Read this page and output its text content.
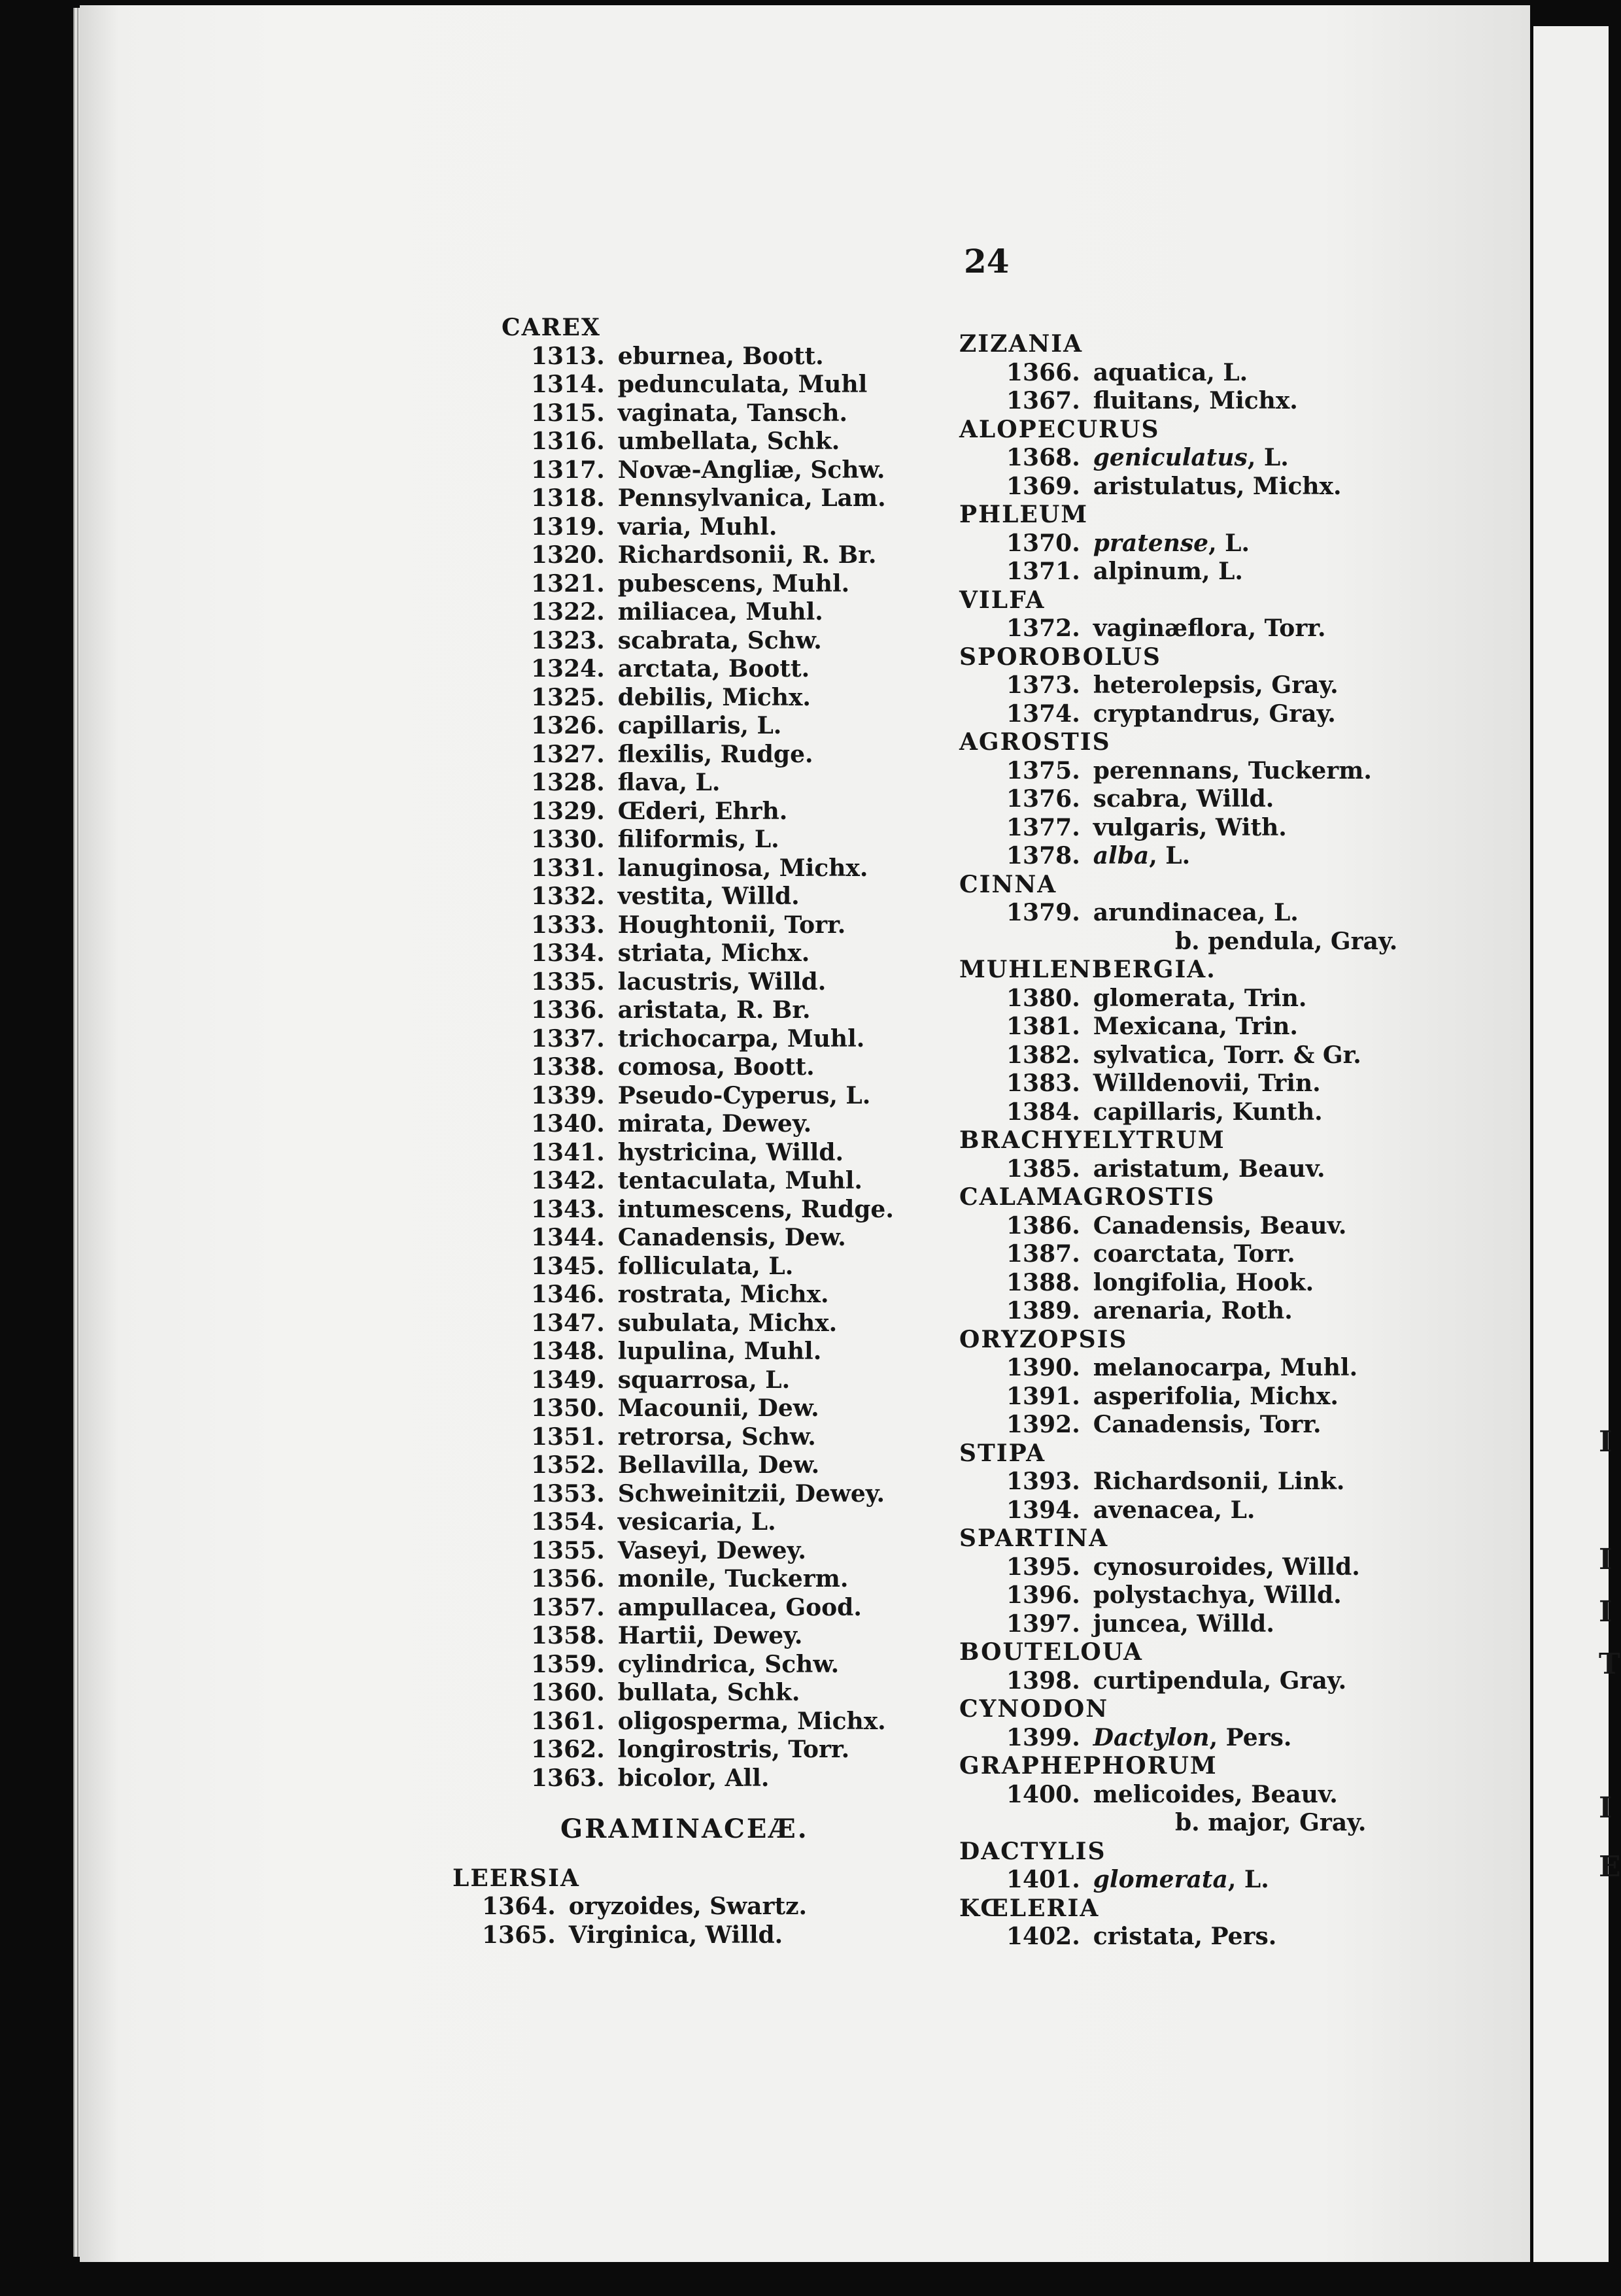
24
CAREX
1313. eburnea, Boott.
1314. pedunculata, Muhl
1315. vaginata, Tansch.
1316. umbellata, Schk.
1317. Novæ-Angliæ, Schw.
1318. Pennsylvanica, Lam.
1319. varia, Muhl.
1320. Richardsonii, R. Br.
1321. pubescens, Muhl.
1322. miliacea, Muhl.
1323. scabrata, Schw.
1324. arctata, Boott.
1325. debilis, Michx.
1326. capillaris, L.
1327. flexilis, Rudge.
1328. flava, L.
1329. Œderi, Ehrh.
1330. filiformis, L.
1331. lanuginosa, Michx.
1332. vestita, Willd.
1333. Houghtonii, Torr.
1334. striata, Michx.
1335. lacustris, Willd.
1336. aristata, R. Br.
1337. trichocarpa, Muhl.
1338. comosa, Boott.
1339. Pseudo-Cyperus, L.
1340. mirata, Dewey.
1341. hystricina, Willd.
1342. tentaculata, Muhl.
1343. intumescens, Rudge.
1344. Canadensis, Dew.
1345. folliculata, L.
1346. rostrata, Michx.
1347. subulata, Michx.
1348. lupulina, Muhl.
1349. squarrosa, L.
1350. Macounii, Dew.
1351. retrorsa, Schw.
1352. Bellavilla, Dew.
1353. Schweinitzii, Dewey.
1354. vesicaria, L.
1355. Vaseyi, Dewey.
1356. monile, Tuckerm.
1357. ampullacea, Good.
1358. Hartii, Dewey.
1359. cylindrica, Schw.
1360. bullata, Schk.
1361. oligosperma, Michx.
1362. longirostris, Torr.
1363. bicolor, All.
GRAMINACEÆ.
LEERSIA
1364. oryzoides, Swartz.
1365. Virginica, Willd.
ZIZANIA
1366. aquatica, L.
1367. fluitans, Michx.
ALOPECURUS
1368. geniculatus, L.
1369. aristulatus, Michx.
PHLEUM
1370. pratense, L.
1371. alpinum, L.
VILFA
1372. vaginæflora, Torr.
SPOROBOLUS
1373. heterolepsis, Gray.
1374. cryptandrus, Gray.
AGROSTIS
1375. perennans, Tuckerm.
1376. scabra, Willd.
1377. vulgaris, With.
1378. alba, L.
CINNA
1379. arundinacea, L.
b. pendula, Gray.
MUHLENBERGIA.
1380. glomerata, Trin.
1381. Mexicana, Trin.
1382. sylvatica, Torr. & Gr.
1383. Willdenovii, Trin.
1384. capillaris, Kunth.
BRACHYELYTRUM
1385. aristatum, Beauv.
CALAMAGROSTIS
1386. Canadensis, Beauv.
1387. coarctata, Torr.
1388. longifolia, Hook.
1389. arenaria, Roth.
ORYZOPSIS
1390. melanocarpa, Muhl.
1391. asperifolia, Michx.
1392. Canadensis, Torr.
STIPA
1393. Richardsonii, Link.
1394. avenacea, L.
SPARTINA
1395. cynosuroides, Willd.
1396. polystachya, Willd.
1397. juncea, Willd.
BOUTELOUA
1398. curtipendula, Gray.
CYNODON
1399. Dactylon, Pers.
GRAPHEPHORUM
1400. melicoides, Beauv.
b. major, Gray.
DACTYLIS
1401. glomerata, L.
KŒLERIA
1402. cristata, Pers.
I
I
I
T
I
E
